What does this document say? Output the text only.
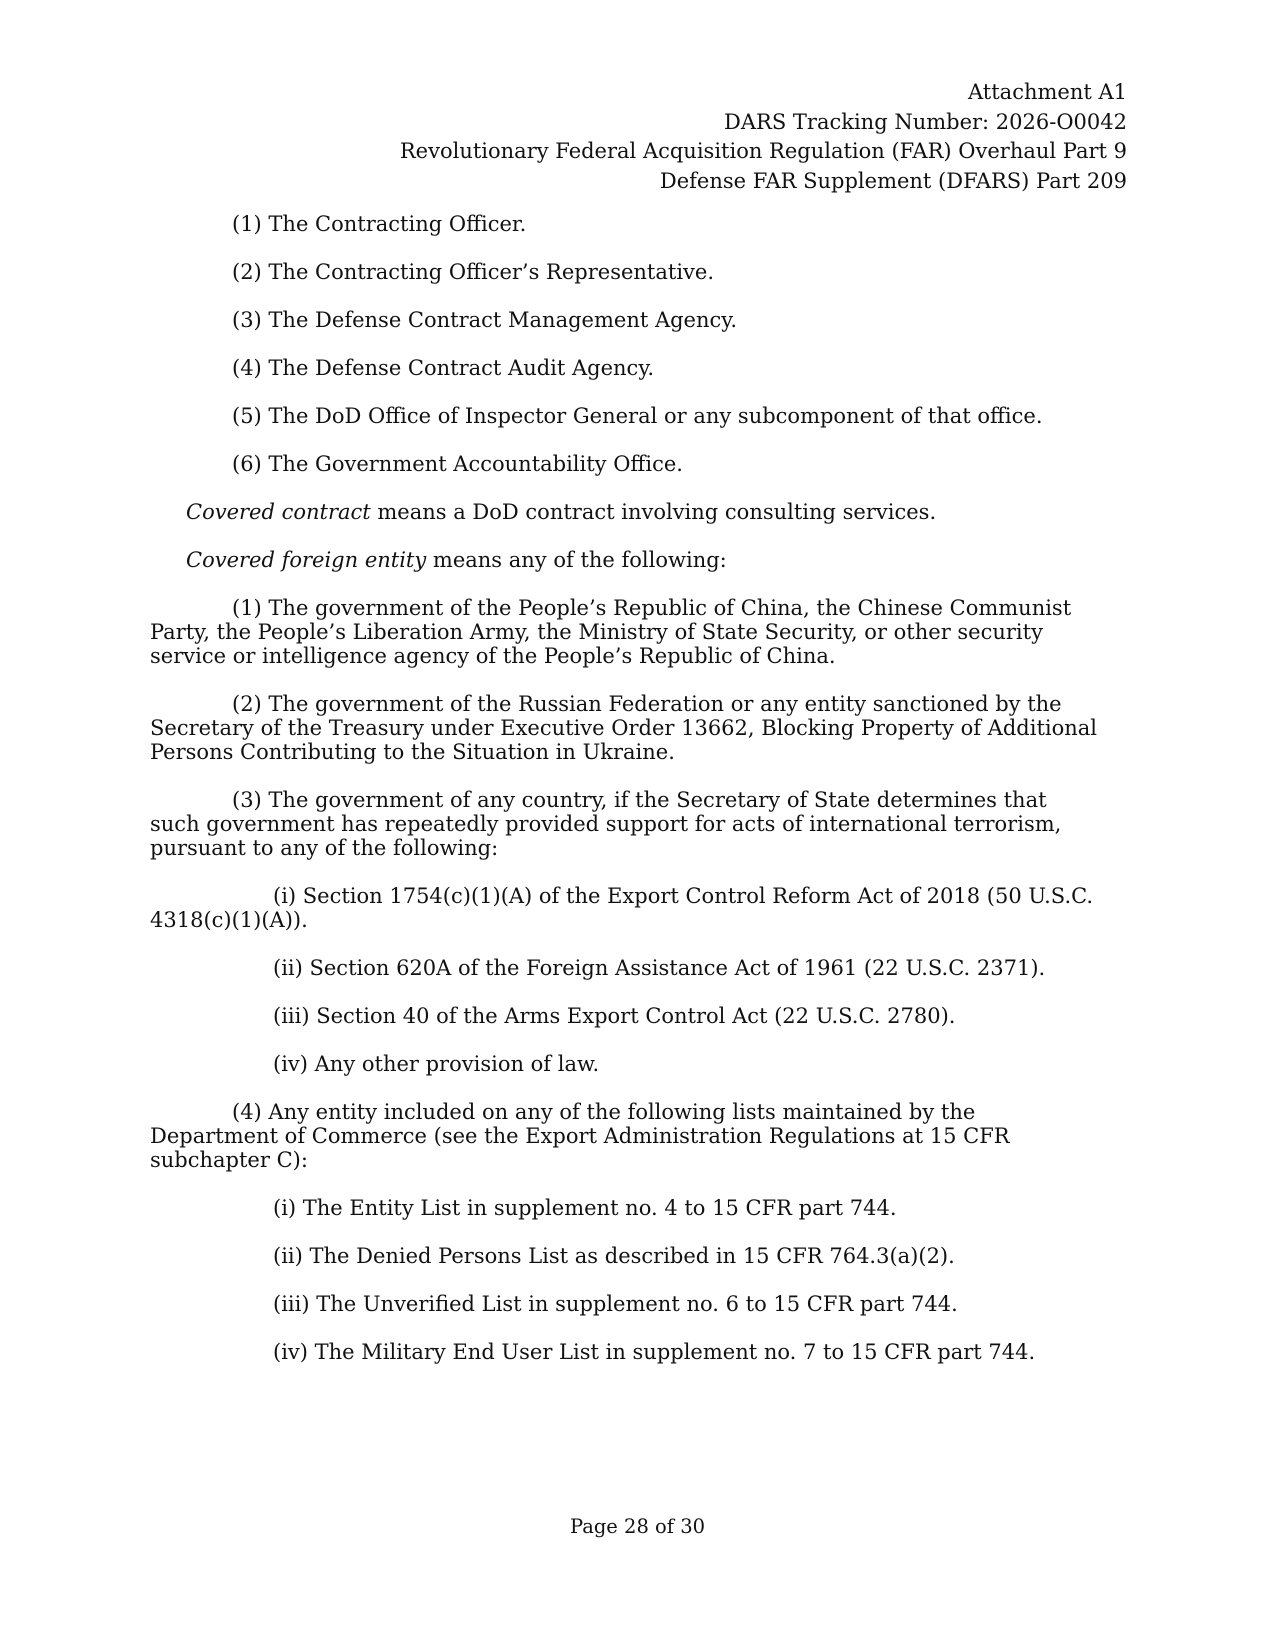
Attachment A1
DARS Tracking Number: 2026-O0042
Revolutionary Federal Acquisition Regulation (FAR) Overhaul Part 9
Defense FAR Supplement (DFARS) Part 209
(1) The Contracting Officer.
(2) The Contracting Officer’s Representative.
(3) The Defense Contract Management Agency.
(4) The Defense Contract Audit Agency.
(5) The DoD Office of Inspector General or any subcomponent of that office.
(6) The Government Accountability Office.
Covered contract means a DoD contract involving consulting services.
Covered foreign entity means any of the following:
(1) The government of the People’s Republic of China, the Chinese Communist
Party, the People’s Liberation Army, the Ministry of State Security, or other security service or intelligence agency of the People’s Republic of China.
(2) The government of the Russian Federation or any entity sanctioned by the
Secretary of the Treasury under Executive Order 13662, Blocking Property of Additional Persons Contributing to the Situation in Ukraine.
(3) The government of any country, if the Secretary of State determines that
such government has repeatedly provided support for acts of international terrorism, pursuant to any of the following:
(i) Section 1754(c)(1)(A) of the Export Control Reform Act of 2018 (50 U.S.C.
4318(c)(1)(A)).
(ii) Section 620A of the Foreign Assistance Act of 1961 (22 U.S.C. 2371).
(iii) Section 40 of the Arms Export Control Act (22 U.S.C. 2780).
(iv) Any other provision of law.
(4) Any entity included on any of the following lists maintained by the
Department of Commerce (see the Export Administration Regulations at 15 CFR subchapter C):
(i) The Entity List in supplement no. 4 to 15 CFR part 744.
(ii) The Denied Persons List as described in 15 CFR 764.3(a)(2).
(iii) The Unverified List in supplement no. 6 to 15 CFR part 744.
(iv) The Military End User List in supplement no. 7 to 15 CFR part 744.
Page 28 of 30
